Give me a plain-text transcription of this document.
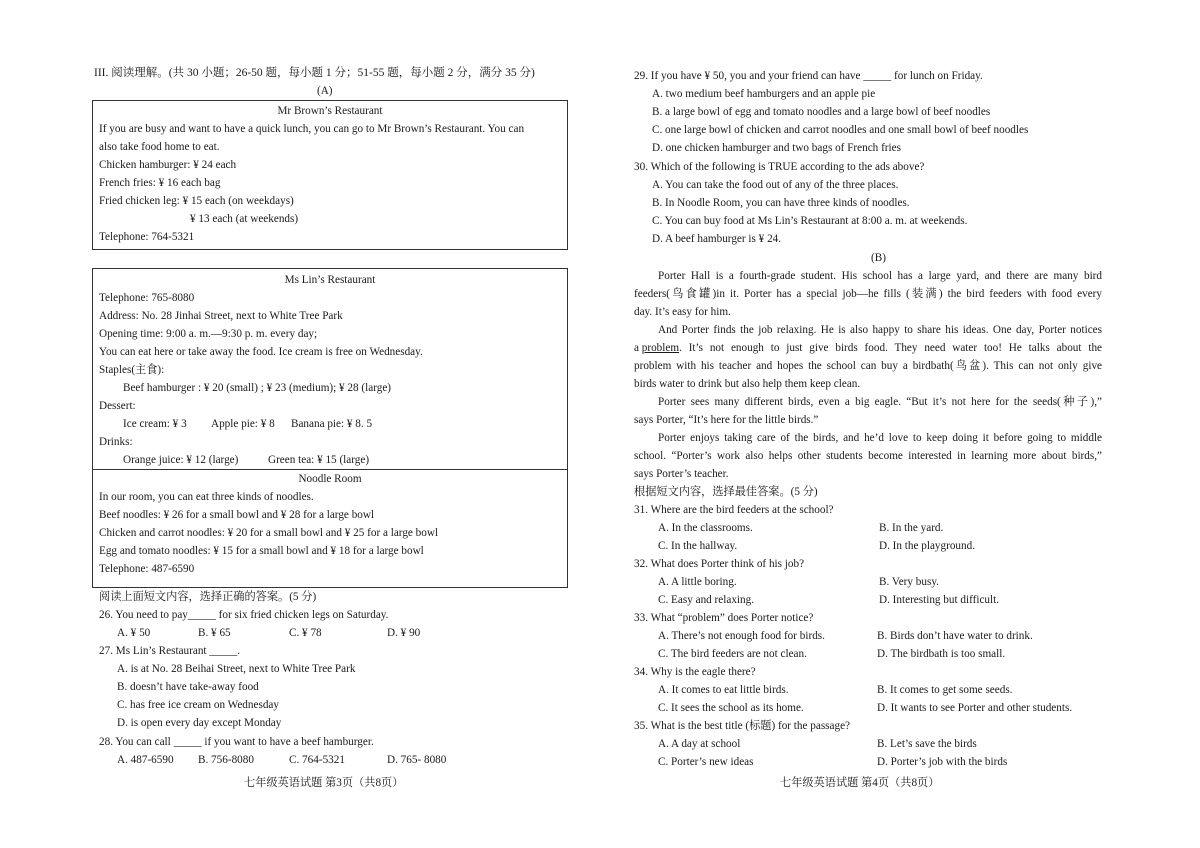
III. 阅读理解。(共 30 小题；26-50 题，每小题 1 分；51-55 题，每小题 2 分，满分 35 分)
(A)
Mr Brown’s Restaurant
If you are busy and want to have a quick lunch, you can go to Mr Brown’s Restaurant. You can
also take food home to eat.
Chicken hamburger: ¥ 24 each
French fries: ¥ 16 each bag
Fried chicken leg: ¥ 15 each (on weekdays)
¥ 13 each (at weekends)
Telephone: 764-5321
Ms Lin’s Restaurant
Telephone: 765-8080
Address: No. 28 Jinhai Street, next to White Tree Park
Opening time: 9:00 a. m.—9:30 p. m. every day;
You can eat here or take away the food. Ice cream is free on Wednesday.
Staples(主食):
Beef hamburger : ¥ 20 (small) ; ¥ 23 (medium); ¥ 28 (large)
Dessert:
Ice cream: ¥ 3 Apple pie: ¥ 8 Banana pie: ¥ 8. 5
Drinks:
Orange juice: ¥ 12 (large)	Green tea: ¥ 15 (large)
Noodle Room
In our room, you can eat three kinds of noodles.
Beef noodles: ¥ 26 for a small bowl and ¥ 28 for a large bowl
Chicken and carrot noodles: ¥ 20 for a small bowl and ¥ 25 for a large bowl
Egg and tomato noodles: ¥ 15 for a small bowl and ¥ 18 for a large bowl
Telephone: 487-6590
阅读上面短文内容，选择正确的答案。(5 分)
26. You need to pay_____ for six fried chicken legs on Saturday.
A. ¥ 50	B. ¥ 65	C. ¥ 78	D. ¥ 90
27. Ms Lin’s Restaurant _____.
A. is at No. 28 Beihai Street, next to White Tree Park
B. doesn’t have take-away food
C. has free ice cream on Wednesday
D. is open every day except Monday
28. You can call _____ if you want to have a beef hamburger.
A. 487-6590 B. 756-8080	C. 764-5321	D. 765- 8080
七年级英语试题 第3页（共8页）
29. If you have ¥ 50, you and your friend can have _____ for lunch on Friday.
A. two medium beef hamburgers and an apple pie
B. a large bowl of egg and tomato noodles and a large bowl of beef noodles
C. one large bowl of chicken and carrot noodles and one small bowl of beef noodles
D. one chicken hamburger and two bags of French fries
30. Which of the following is TRUE according to the ads above?
A. You can take the food out of any of the three places.
B. In Noodle Room, you can have three kinds of noodles.
C. You can buy food at Ms Lin’s Restaurant at 8:00 a. m. at weekends.
D. A beef hamburger is ¥ 24.
(B)
Porter Hall is a fourth-grade student. His school has a large yard, and there are many bird
feeders(鸟食罐)in it. Porter has a special job—he fills (装满) the bird feeders with food every
day. It’s easy for him.
And Porter finds the job relaxing. He is also happy to share his ideas. One day, Porter notices
a problem . It’s not enough to just give birds food. They need water too! He talks about the
problem with his teacher and hopes the school can buy a birdbath(鸟盆). This can not only give
birds water to drink but also help them keep clean.
Porter sees many different birds, even a big eagle. “But it’s not here for the seeds(种子),”
says Porter, “It’s here for the little birds.”
Porter enjoys taking care of the birds, and he’d love to keep doing it before going to middle
school. “Porter’s work also helps other students become interested in learning more about birds,”
says Porter’s teacher.
根据短文内容，选择最佳答案。(5 分)
31. Where are the bird feeders at the school?
A. In the classrooms.	B. In the yard.
C. In the hallway.	D. In the playground.
32. What does Porter think of his job?
A. A little boring.	B. Very busy.
C. Easy and relaxing.	D. Interesting but difficult.
33. What “problem” does Porter notice?
A. There’s not enough food for birds.	B. Birds don’t have water to drink.
C. The bird feeders are not clean.	D. The birdbath is too small.
34. Why is the eagle there?
A. It comes to eat little birds.	B. It comes to get some seeds.
C. It sees the school as its home.	D. It wants to see Porter and other students.
35. What is the best title (标题) for the passage?
A. A day at school	B. Let’s save the birds
C. Porter’s new ideas	D. Porter’s job with the birds
七年级英语试题 第4页（共8页）
